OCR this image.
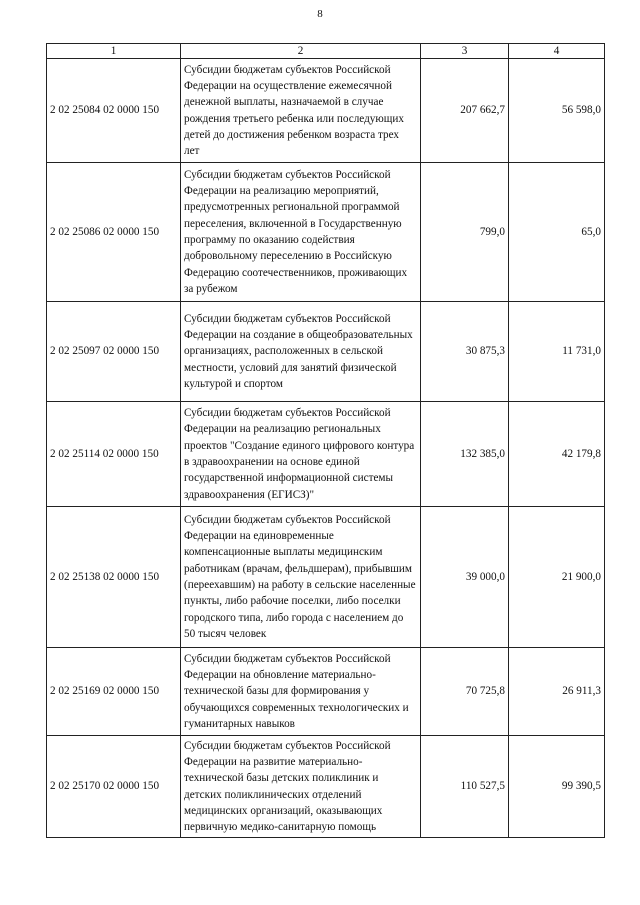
8
1	2	3	4
2 02 25084 02 0000 150	Субсидии бюджетам субъектов Российской Федерации на осуществление ежемесячной денежной выплаты, назначаемой в случае рождения третьего ребенка или последующих детей до достижения ребенком возраста трех лет	207 662,7	56 598,0
2 02 25086 02 0000 150	Субсидии бюджетам субъектов Российской Федерации на реализацию мероприятий, предусмотренных региональной программой переселения, включенной в Государственную программу по оказанию содействия добровольному переселению в Российскую Федерацию соотечественников, проживающих за рубежом	799,0	65,0
2 02 25097 02 0000 150	Субсидии бюджетам субъектов Российской Федерации на создание в общеобразовательных организациях, расположенных в сельской местности, условий для занятий физической культурой и спортом	30 875,3	11 731,0
2 02 25114 02 0000 150	Субсидии бюджетам субъектов Российской Федерации на реализацию региональных проектов "Создание единого цифрового контура в здравоохранении на основе единой государственной информационной системы здравоохранения (ЕГИСЗ)"	132 385,0	42 179,8
2 02 25138 02 0000 150	Субсидии бюджетам субъектов Российской Федерации на единовременные компенсационные выплаты медицинским работникам (врачам, фельдшерам), прибывшим (переехавшим) на работу в сельские населенные пункты, либо рабочие поселки, либо поселки городского типа, либо города с населением до 50 тысяч человек	39 000,0	21 900,0
2 02 25169 02 0000 150	Субсидии бюджетам субъектов Российской Федерации на обновление материально-технической базы для формирования у обучающихся современных технологических и гуманитарных навыков	70 725,8	26 911,3
2 02 25170 02 0000 150	Субсидии бюджетам субъектов Российской Федерации на развитие материально-технической базы детских поликлиник и детских поликлинических отделений медицинских организаций, оказывающих первичную медико-санитарную помощь	110 527,5	99 390,5
